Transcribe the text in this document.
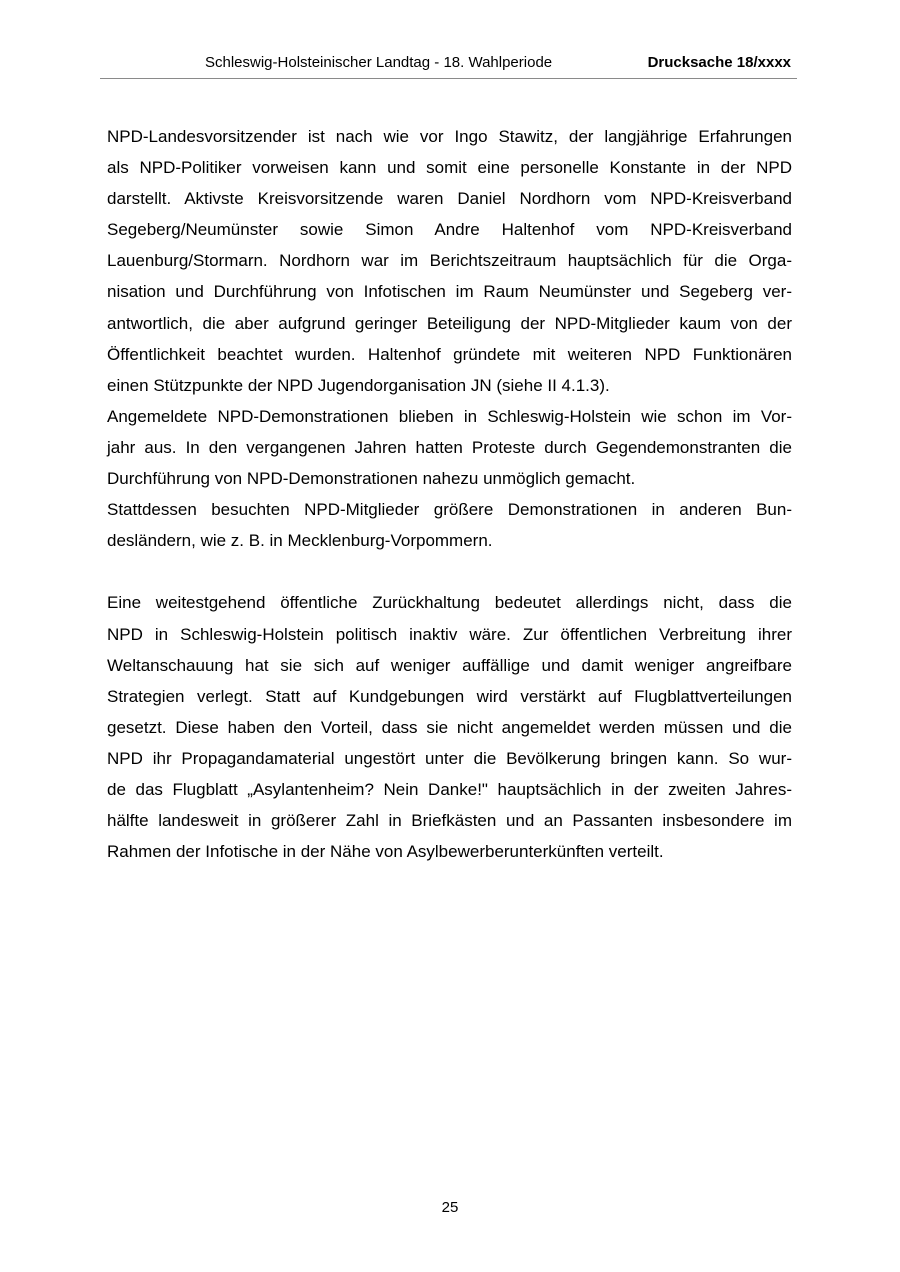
Schleswig-Holsteinischer Landtag - 18. Wahlperiode	Drucksache 18/xxxx
NPD-Landesvorsitzender ist nach wie vor Ingo Stawitz, der langjährige Erfahrungen
als NPD-Politiker vorweisen kann und somit eine personelle Konstante in der NPD
darstellt. Aktivste Kreisvorsitzende waren Daniel Nordhorn vom NPD-Kreisverband
Segeberg/Neumünster sowie Simon Andre Haltenhof vom NPD-Kreisverband
Lauenburg/Stormarn. Nordhorn war im Berichtszeitraum hauptsächlich für die Orga-
nisation und Durchführung von Infotischen im Raum Neumünster und Segeberg ver-
antwortlich, die aber aufgrund geringer Beteiligung der NPD-Mitglieder kaum von der
Öffentlichkeit beachtet wurden. Haltenhof gründete mit weiteren NPD Funktionären
einen Stützpunkte der NPD Jugendorganisation JN (siehe II 4.1.3).
Angemeldete NPD-Demonstrationen blieben in Schleswig-Holstein wie schon im Vor-
jahr aus. In den vergangenen Jahren hatten Proteste durch Gegendemonstranten die
Durchführung von NPD-Demonstrationen nahezu unmöglich gemacht.
Stattdessen besuchten NPD-Mitglieder größere Demonstrationen in anderen Bun-
desländern, wie z. B. in Mecklenburg-Vorpommern.
Eine weitestgehend öffentliche Zurückhaltung bedeutet allerdings nicht, dass die
NPD in Schleswig-Holstein politisch inaktiv wäre. Zur öffentlichen Verbreitung ihrer
Weltanschauung hat sie sich auf weniger auffällige und damit weniger angreifbare
Strategien verlegt. Statt auf Kundgebungen wird verstärkt auf Flugblattverteilungen
gesetzt. Diese haben den Vorteil, dass sie nicht angemeldet werden müssen und die
NPD ihr Propagandamaterial ungestört unter die Bevölkerung bringen kann. So wur-
de das Flugblatt „Asylantenheim? Nein Danke!" hauptsächlich in der zweiten Jahres-
hälfte landesweit in größerer Zahl in Briefkästen und an Passanten insbesondere im
Rahmen der Infotische in der Nähe von Asylbewerberunterkünften verteilt.
25
